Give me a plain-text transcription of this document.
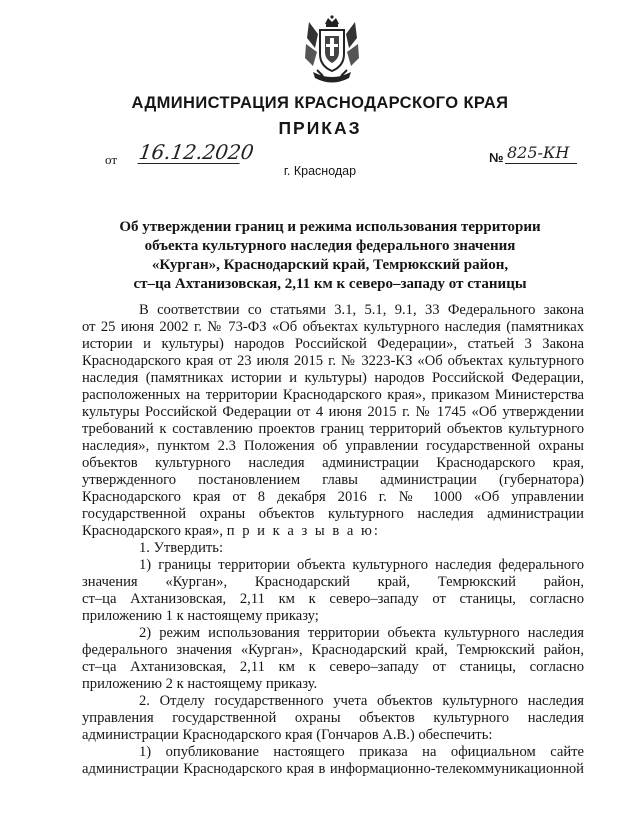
АДМИНИСТРАЦИЯ КРАСНОДАРСКОГО КРАЯ
ПРИКАЗ
от 16.12.2020	№ 825-КН
г. Краснодар
Об утверждении границ и режима использования территории
объекта культурного наследия федерального значения
«Курган», Краснодарский край, Темрюкский район,
ст–ца Ахтанизовская, 2,11 км к северо–западу от станицы
В соответствии со статьями 3.1, 5.1, 9.1, 33 Федерального закона
от 25 июня 2002 г. № 73-ФЗ «Об объектах культурного наследия (памятниках
истории и культуры) народов Российской Федерации», статьей 3 Закона
Краснодарского края от 23 июля 2015 г. № 3223-КЗ «Об объектах культурного
наследия (памятниках истории и культуры) народов Российской Федерации,
расположенных на территории Краснодарского края», приказом Министерства
культуры Российской Федерации от 4 июня 2015 г. № 1745 «Об утверждении
требований к составлению проектов границ территорий объектов культурного
наследия», пунктом 2.3 Положения об управлении государственной охраны
объектов культурного наследия администрации Краснодарского края,
утвержденного постановлением главы администрации (губернатора)
Краснодарского края от 8 декабря 2016 г. № 1000 «Об управлении
государственной охраны объектов культурного наследия администрации
Краснодарского края», п р и к а з ы в а ю:
1. Утвердить:
1) границы территории объекта культурного наследия федерального
значения «Курган», Краснодарский край, Темрюкский район,
ст–ца Ахтанизовская, 2,11 км к северо–западу от станицы, согласно
приложению 1 к настоящему приказу;
2) режим использования территории объекта культурного наследия
федерального значения «Курган», Краснодарский край, Темрюкский район,
ст–ца Ахтанизовская, 2,11 км к северо–западу от станицы, согласно
приложению 2 к настоящему приказу.
2. Отделу государственного учета объектов культурного наследия
управления государственной охраны объектов культурного наследия
администрации Краснодарского края (Гончаров А.В.) обеспечить:
1) опубликование настоящего приказа на официальном сайте
администрации Краснодарского края в информационно-телекоммуникационной
